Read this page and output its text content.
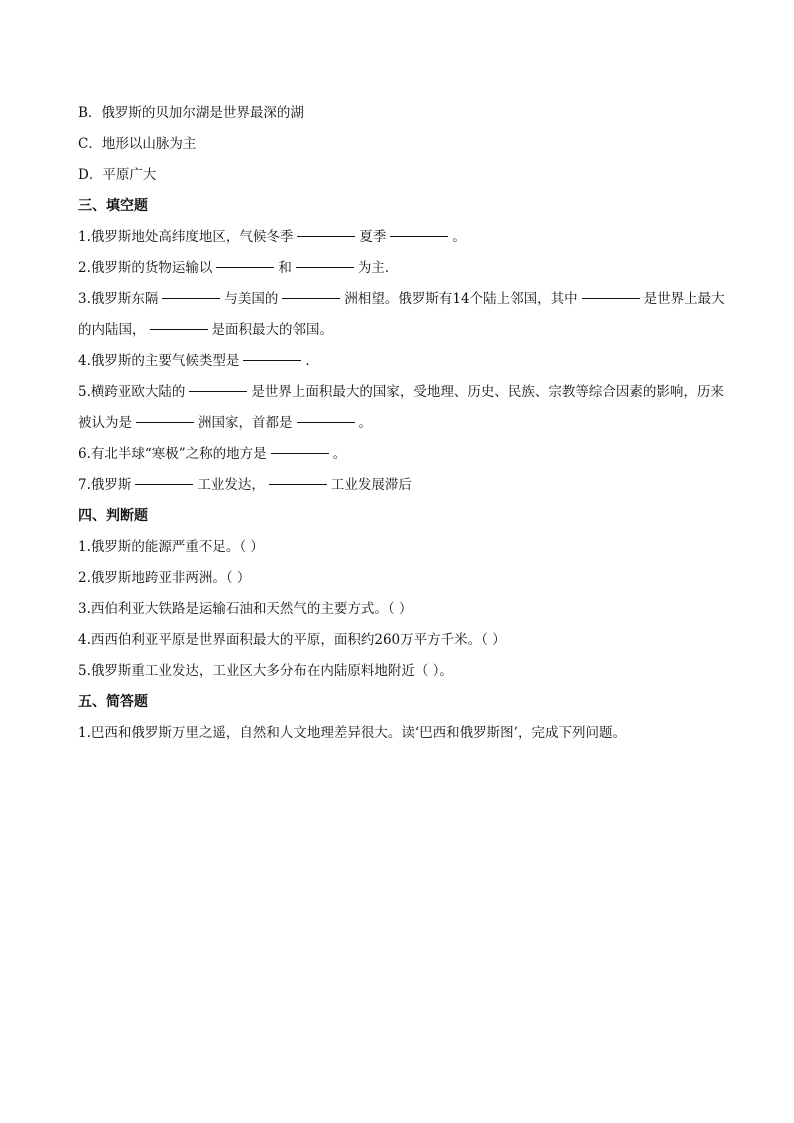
B．俄罗斯的贝加尔湖是世界最深的湖
C．地形以山脉为主
D．平原广大
三、填空题
1.俄罗斯地处高纬度地区，气候冬季	夏季	。
2.俄罗斯的货物运输以	和	为主．
3.俄罗斯东隔	与美国的	洲相望。俄罗斯有14个陆上邻国，其中	是世界上最大的内陆国，	是面积最大的邻国。
4.俄罗斯的主要气候类型是	．
5.横跨亚欧大陆的	是世界上面积最大的国家，受地理、历史、民族、宗教等综合因素的影响，历来被认为是	洲国家，首都是	。
6.有北半球“寒极”之称的地方是	。
7.俄罗斯	工业发达，	工业发展滞后
四、判断题
1.俄罗斯的能源严重不足。（ ）
2.俄罗斯地跨亚非两洲。（ ）
3.西伯利亚大铁路是运输石油和天然气的主要方式。（ ）
4.西西伯利亚平原是世界面积最大的平原，面积约260万平方千米。（ ）
5.俄罗斯重工业发达，工业区大多分布在内陆原料地附近（ ）。
五、简答题
1.巴西和俄罗斯万里之遥，自然和人文地理差异很大。读‘巴西和俄罗斯图’，完成下列问题。
